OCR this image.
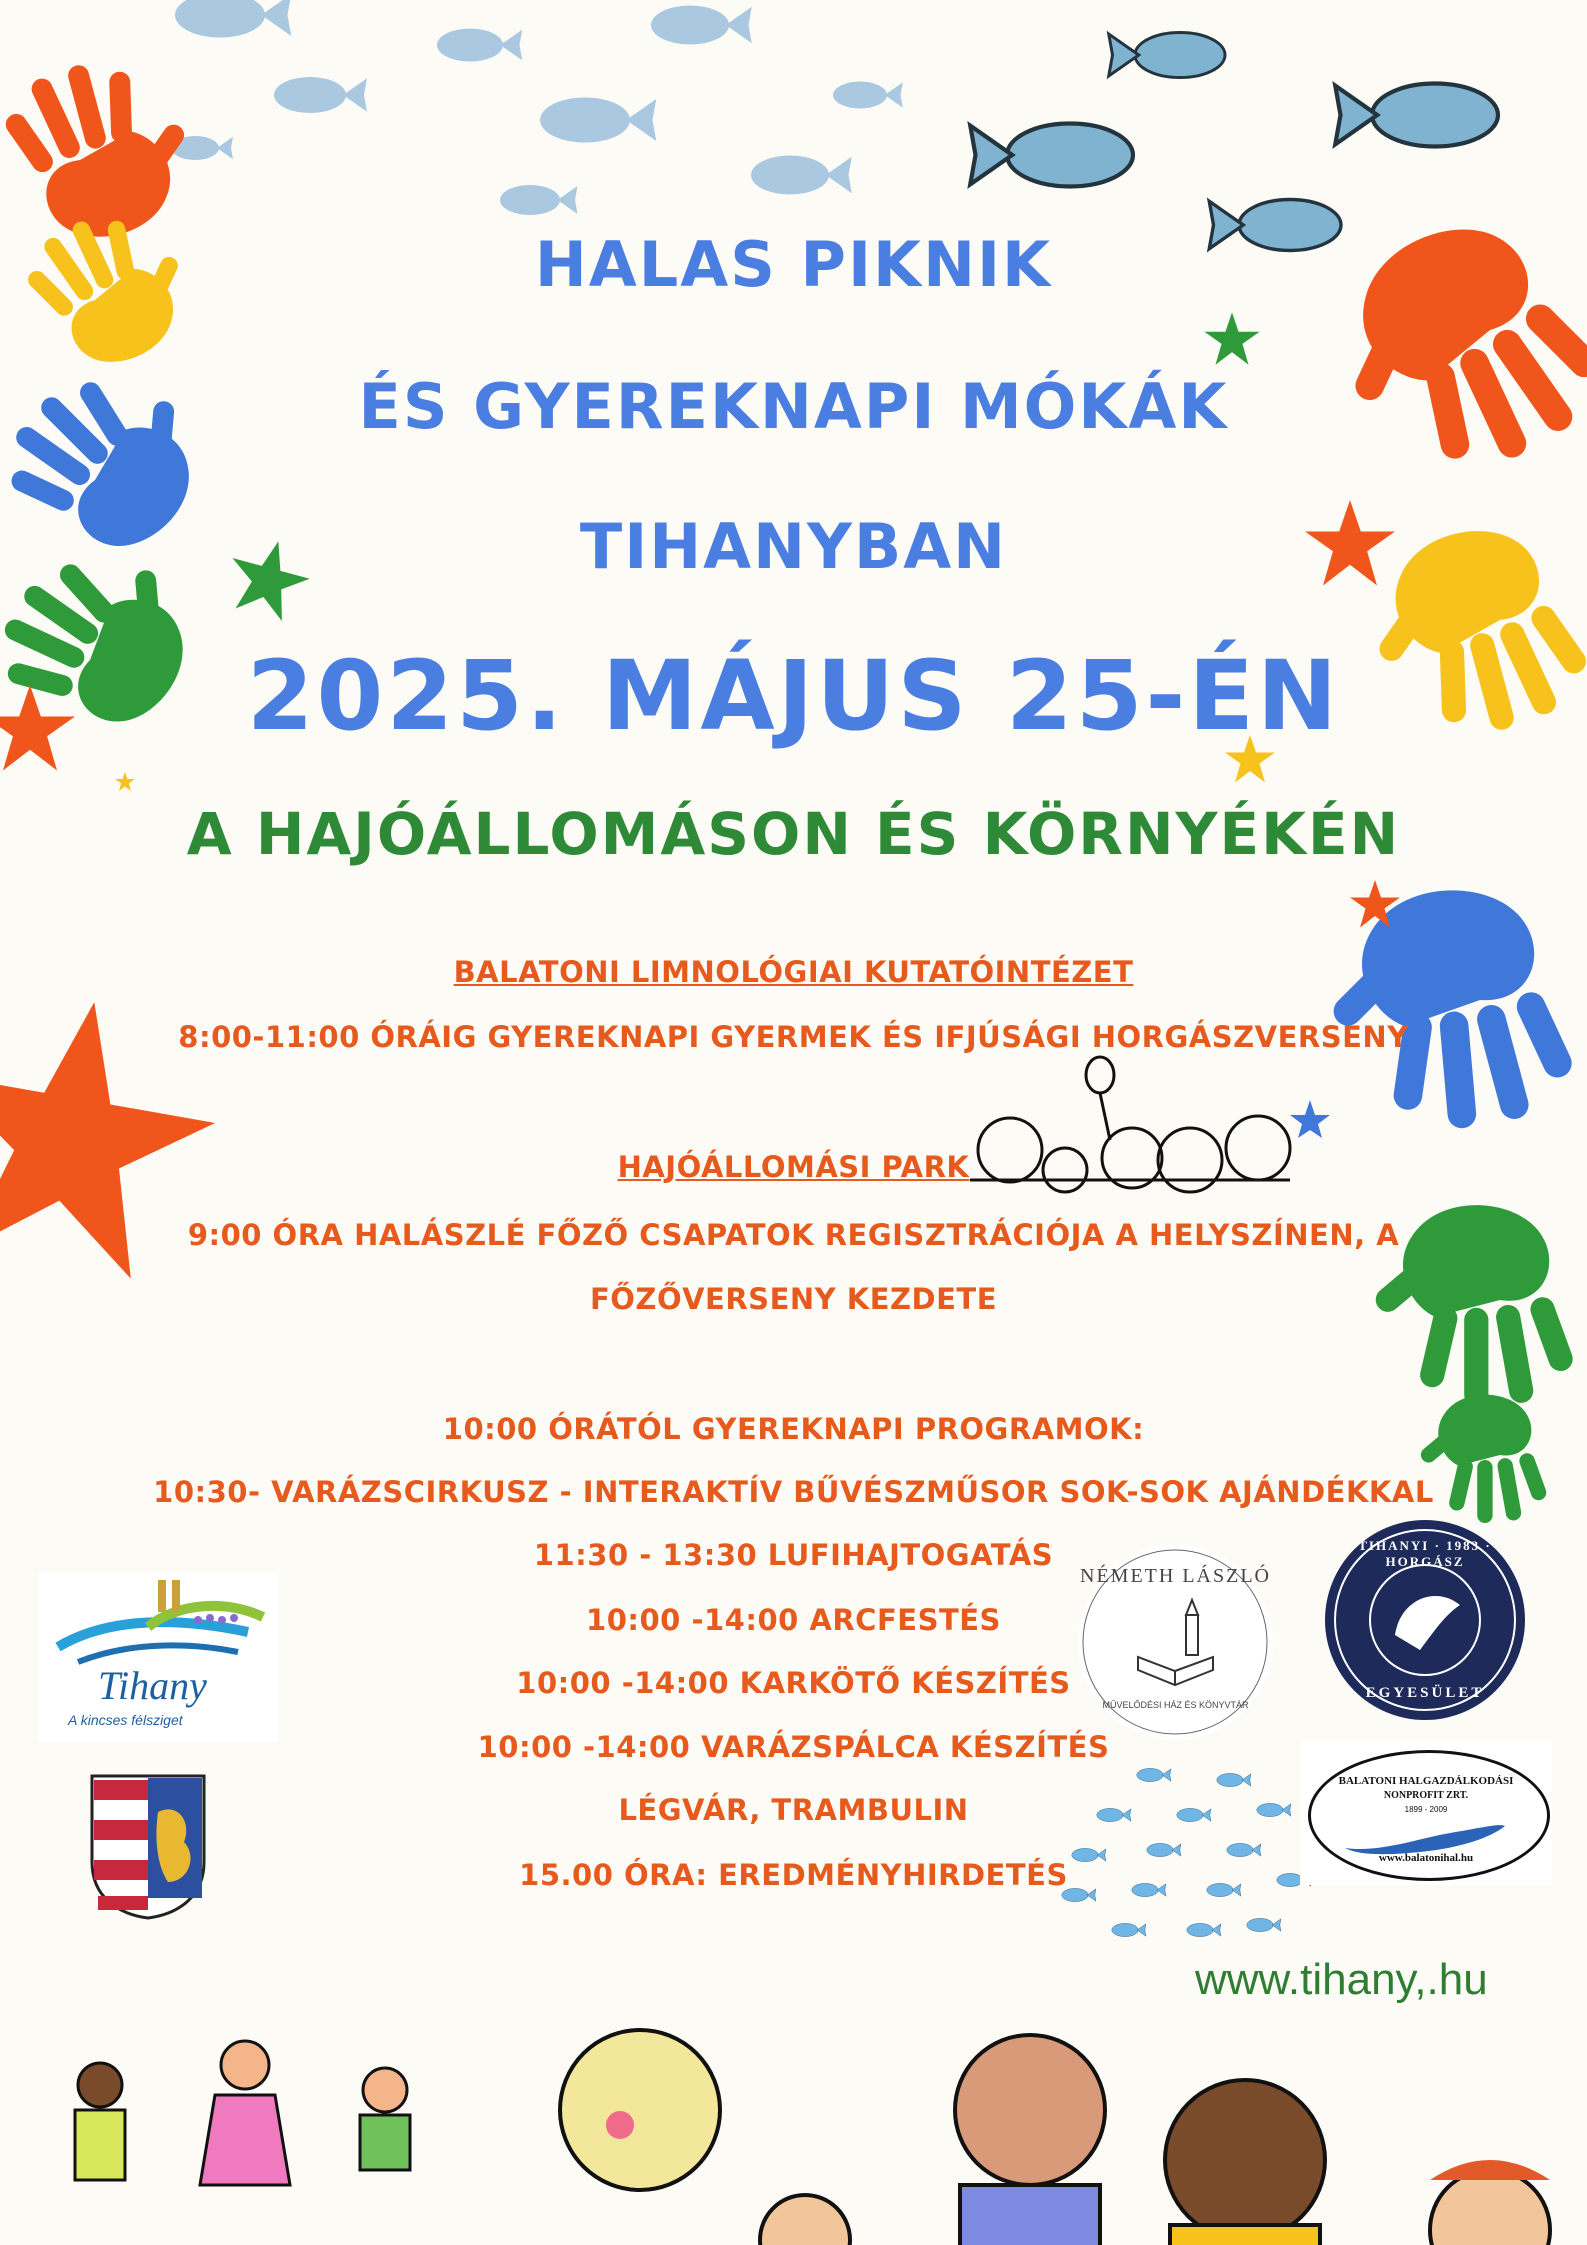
HALAS PIKNIK
ÉS GYEREKNAPI MÓKÁK
TIHANYBAN
2025. MÁJUS 25-ÉN
A HAJÓÁLLOMÁSON ÉS KÖRNYÉKÉN
BALATONI LIMNOLÓGIAI KUTATÓINTÉZET
8:00-11:00 ÓRÁIG GYEREKNAPI GYERMEK ÉS IFJÚSÁGI HORGÁSZVERSENY
HAJÓÁLLOMÁSI PARK
9:00 ÓRA HALÁSZLÉ FŐZŐ CSAPATOK REGISZTRÁCIÓJA A HELYSZÍNEN, A
FŐZŐVERSENY KEZDETE
10:00 ÓRÁTÓL GYEREKNAPI PROGRAMOK:
10:30- VARÁZSCIRKUSZ - INTERAKTÍV BŰVÉSZMŰSOR SOK-SOK AJÁNDÉKKAL
11:30 - 13:30 LUFIHAJTOGATÁS
10:00 -14:00 ARCFESTÉS
10:00 -14:00 KARKÖTŐ KÉSZÍTÉS
10:00 -14:00 VARÁZSPÁLCA KÉSZÍTÉS
LÉGVÁR, TRAMBULIN
15.00 ÓRA: EREDMÉNYHIRDETÉS
Tihany
A kincses félsziget
NÉMETH LÁSZLÓ
MŰVELŐDÉSI HÁZ ÉS KÖNYVTÁR
TIHANYI · 1983 · HORGÁSZ
EGYESÜLET
BALATONI HALGAZDÁLKODÁSI
NONPROFIT ZRT.
1899 - 2009
www.balatonihal.hu
www.tihany,.hu
